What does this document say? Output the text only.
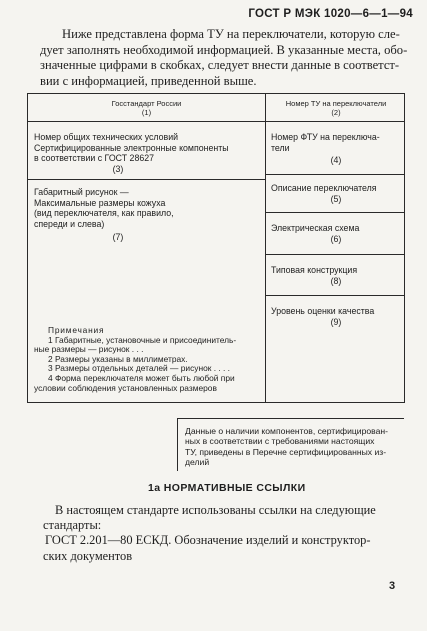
ГОСТ Р МЭК 1020—6—1—94
Ниже представлена форма ТУ на переключатели, которую сле-
дует заполнять необходимой информацией. В указанные места, обо-
значенные цифрами в скобках, следует внести данные в соответст-
вии с информацией, приведенной выше.
Госстандарт России
(1)
Номер ТУ на переключатели
(2)
Номер общих технических условий
Сертифицированные электронные компоненты
в соответствии с ГОСТ 28627
(3)
Габаритный рисунок —
Максимальные размеры кожуха
(вид переключателя, как правило,
спереди и слева)
(7)
Примечания
1 Габаритные, установочные и присоединитель-
ные размеры — рисунок . . .
2 Размеры указаны в миллиметрах.
3 Размеры отдельных деталей — рисунок . . . .
4 Форма переключателя может быть любой при
условии соблюдения установленных размеров
Номер ФТУ на переключа-
тели
(4)
Описание переключателя
(5)
Электрическая схема
(6)
Типовая конструкция
(8)
Уровень оценки качества
(9)
Данные о наличии компонентов, сертифицирован-
ных в соответствии с требованиями настоящих
ТУ, приведены в Перечне сертифицированных из-
делий
1а НОРМАТИВНЫЕ ССЫЛКИ
В настоящем стандарте использованы ссылки на следующие
стандарты:
ГОСТ 2.201—80 ЕСКД. Обозначение изделий и конструктор-
ских документов
3
